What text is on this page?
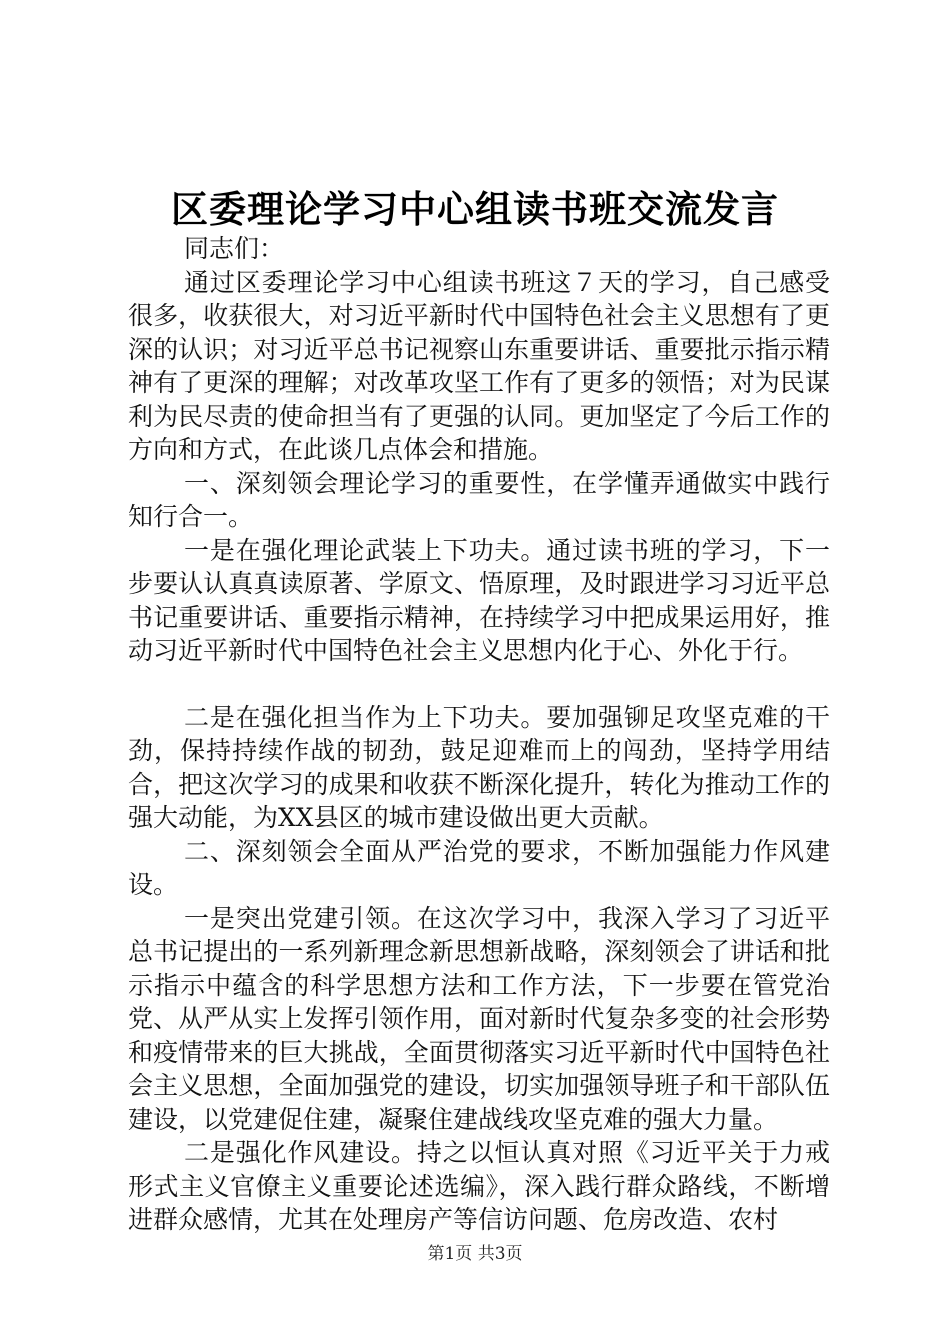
区委理论学习中心组读书班交流发言

同志们：

通过区委理论学习中心组读书班这７天的学习，自己感受很多，收获很大，对习近平新时代中国特色社会主义思想有了更深的认识；对习近平总书记视察山东重要讲话、重要批示指示精神有了更深的理解；对改革攻坚工作有了更多的领悟；对为民谋利为民尽责的使命担当有了更强的认同。更加坚定了今后工作的方向和方式，在此谈几点体会和措施。

一、深刻领会理论学习的重要性，在学懂弄通做实中践行知行合一。

一是在强化理论武装上下功夫。通过读书班的学习，下一步要认认真真读原著、学原文、悟原理，及时跟进学习习近平总书记重要讲话、重要指示精神，在持续学习中把成果运用好，推动习近平新时代中国特色社会主义思想内化于心、外化于行。

二是在强化担当作为上下功夫。要加强铆足攻坚克难的干劲，保持持续作战的韧劲，鼓足迎难而上的闯劲，坚持学用结合，把这次学习的成果和收获不断深化提升，转化为推动工作的强大动能，为XX县区的城市建设做出更大贡献。

二、深刻领会全面从严治党的要求，不断加强能力作风建设。

一是突出党建引领。在这次学习中，我深入学习了习近平总书记提出的一系列新理念新思想新战略，深刻领会了讲话和批示指示中蕴含的科学思想方法和工作方法，下一步要在管党治党、从严从实上发挥引领作用，面对新时代复杂多变的社会形势和疫情带来的巨大挑战，全面贯彻落实习近平新时代中国特色社会主义思想，全面加强党的建设，切实加强领导班子和干部队伍建设，以党建促住建，凝聚住建战线攻坚克难的强大力量。

二是强化作风建设。持之以恒认真对照《习近平关于力戒形式主义官僚主义重要论述选编》，深入践行群众路线，不断增进群众感情，尤其在处理房产等信访问题、危房改造、农村

第1页 共3页
